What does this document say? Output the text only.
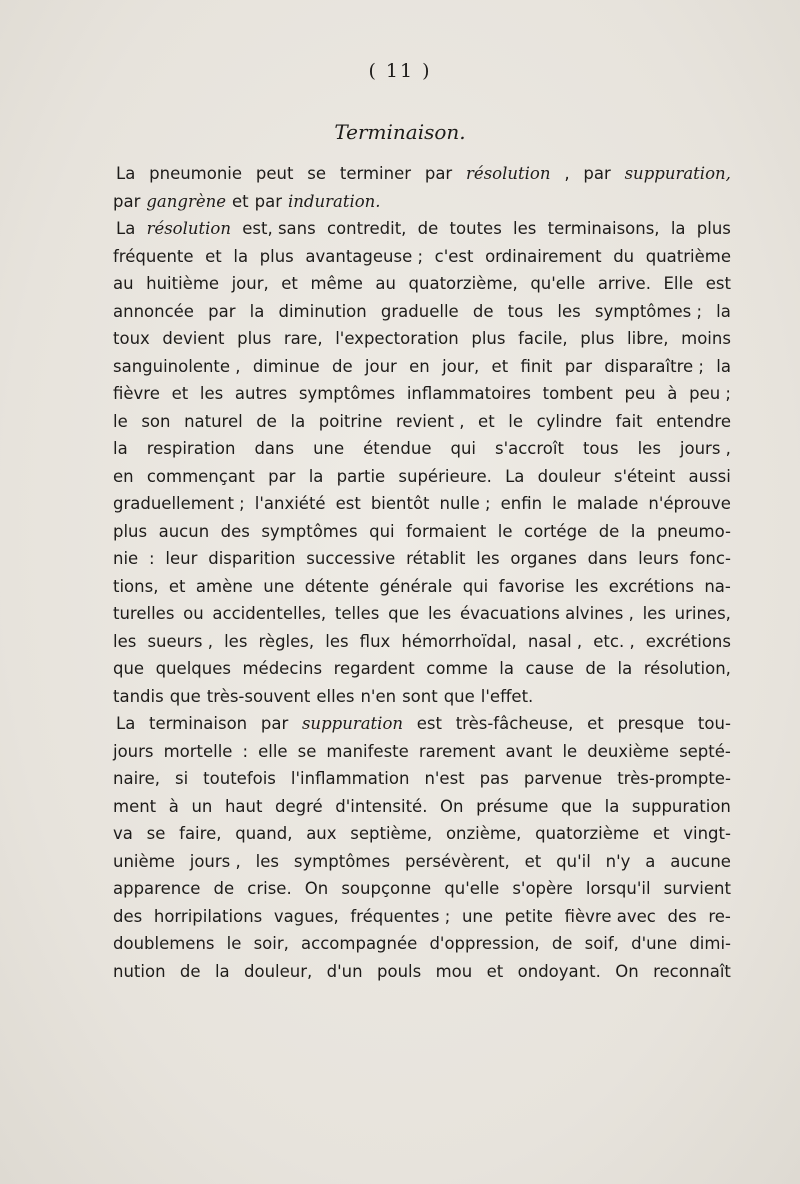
( 11 )
Terminaison.
La pneumonie peut se terminer par résolution , par suppuration,
par gangrène et par induration.
La résolution est, sans contredit, de toutes les terminaisons, la plus
fréquente et la plus avantageuse ; c'est ordinairement du quatrième
au huitième jour, et même au quatorzième, qu'elle arrive. Elle est
annoncée par la diminution graduelle de tous les symptômes ; la
toux devient plus rare, l'expectoration plus facile, plus libre, moins
sanguinolente , diminue de jour en jour, et finit par disparaître ; la
fièvre et les autres symptômes inflammatoires tombent peu à peu ;
le son naturel de la poitrine revient , et le cylindre fait entendre
la respiration dans une étendue qui s'accroît tous les jours ,
en commençant par la partie supérieure. La douleur s'éteint aussi
graduellement ; l'anxiété est bientôt nulle ; enfin le malade n'éprouve
plus aucun des symptômes qui formaient le cortége de la pneumo-
nie : leur disparition successive rétablit les organes dans leurs fonc-
tions, et amène une détente générale qui favorise les excrétions na-
turelles ou accidentelles, telles que les évacuations alvines , les urines,
les sueurs , les règles, les flux hémorrhoïdal, nasal , etc. , excrétions
que quelques médecins regardent comme la cause de la résolution,
tandis que très-souvent elles n'en sont que l'effet.
La terminaison par suppuration est très-fâcheuse, et presque tou-
jours mortelle : elle se manifeste rarement avant le deuxième septé-
naire, si toutefois l'inflammation n'est pas parvenue très-prompte-
ment à un haut degré d'intensité. On présume que la suppuration
va se faire, quand, aux septième, onzième, quatorzième et vingt-
unième jours , les symptômes persévèrent, et qu'il n'y a aucune
apparence de crise. On soupçonne qu'elle s'opère lorsqu'il survient
des horripilations vagues, fréquentes ; une petite fièvre avec des re-
doublemens le soir, accompagnée d'oppression, de soif, d'une dimi-
nution de la douleur, d'un pouls mou et ondoyant. On reconnaît
